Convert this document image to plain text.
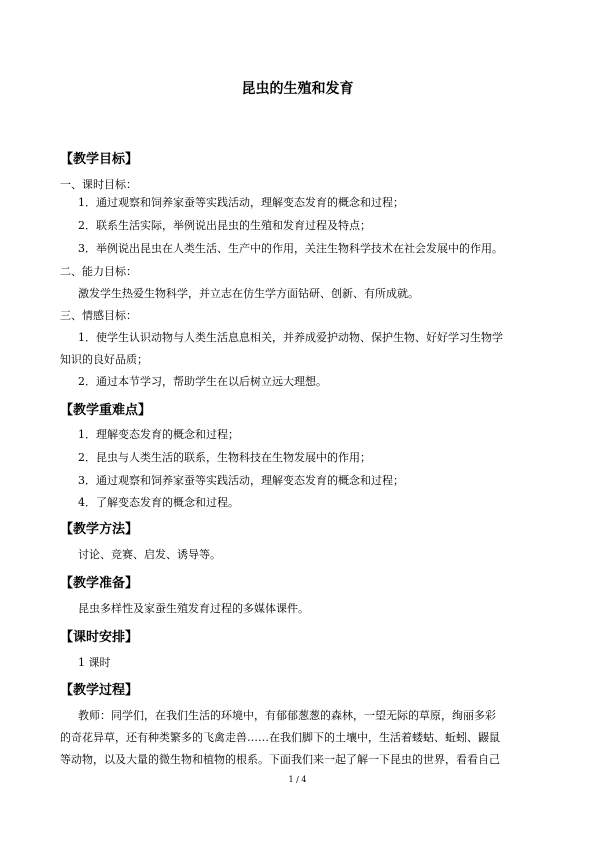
昆虫的生殖和发育
【教学目标】
一、课时目标：
1．通过观察和饲养家蚕等实践活动，理解变态发育的概念和过程；
2．联系生活实际，举例说出昆虫的生殖和发育过程及特点；
3．举例说出昆虫在人类生活、生产中的作用，关注生物科学技术在社会发展中的作用。
二、能力目标：
激发学生热爱生物科学，并立志在仿生学方面钻研、创新、有所成就。
三、情感目标：
1．使学生认识动物与人类生活息息相关，并养成爱护动物、保护生物、好好学习生物学
知识的良好品质；
2．通过本节学习，帮助学生在以后树立远大理想。
【教学重难点】
1．理解变态发育的概念和过程；
2．昆虫与人类生活的联系，生物科技在生物发展中的作用；
3．通过观察和饲养家蚕等实践活动，理解变态发育的概念和过程；
4．了解变态发育的概念和过程。
【教学方法】
讨论、竞赛、启发、诱导等。
【教学准备】
昆虫多样性及家蚕生殖发育过程的多媒体课件。
【课时安排】
1 课时
【教学过程】
教师：同学们，在我们生活的环境中，有郁郁葱葱的森林，一望无际的草原，绚丽多彩
的奇花异草，还有种类繁多的飞禽走兽……在我们脚下的土壤中，生活着蝼蛄、蚯蚓、鼹鼠
等动物，以及大量的微生物和植物的根系。下面我们来一起了解一下昆虫的世界，看看自己
1 / 4
